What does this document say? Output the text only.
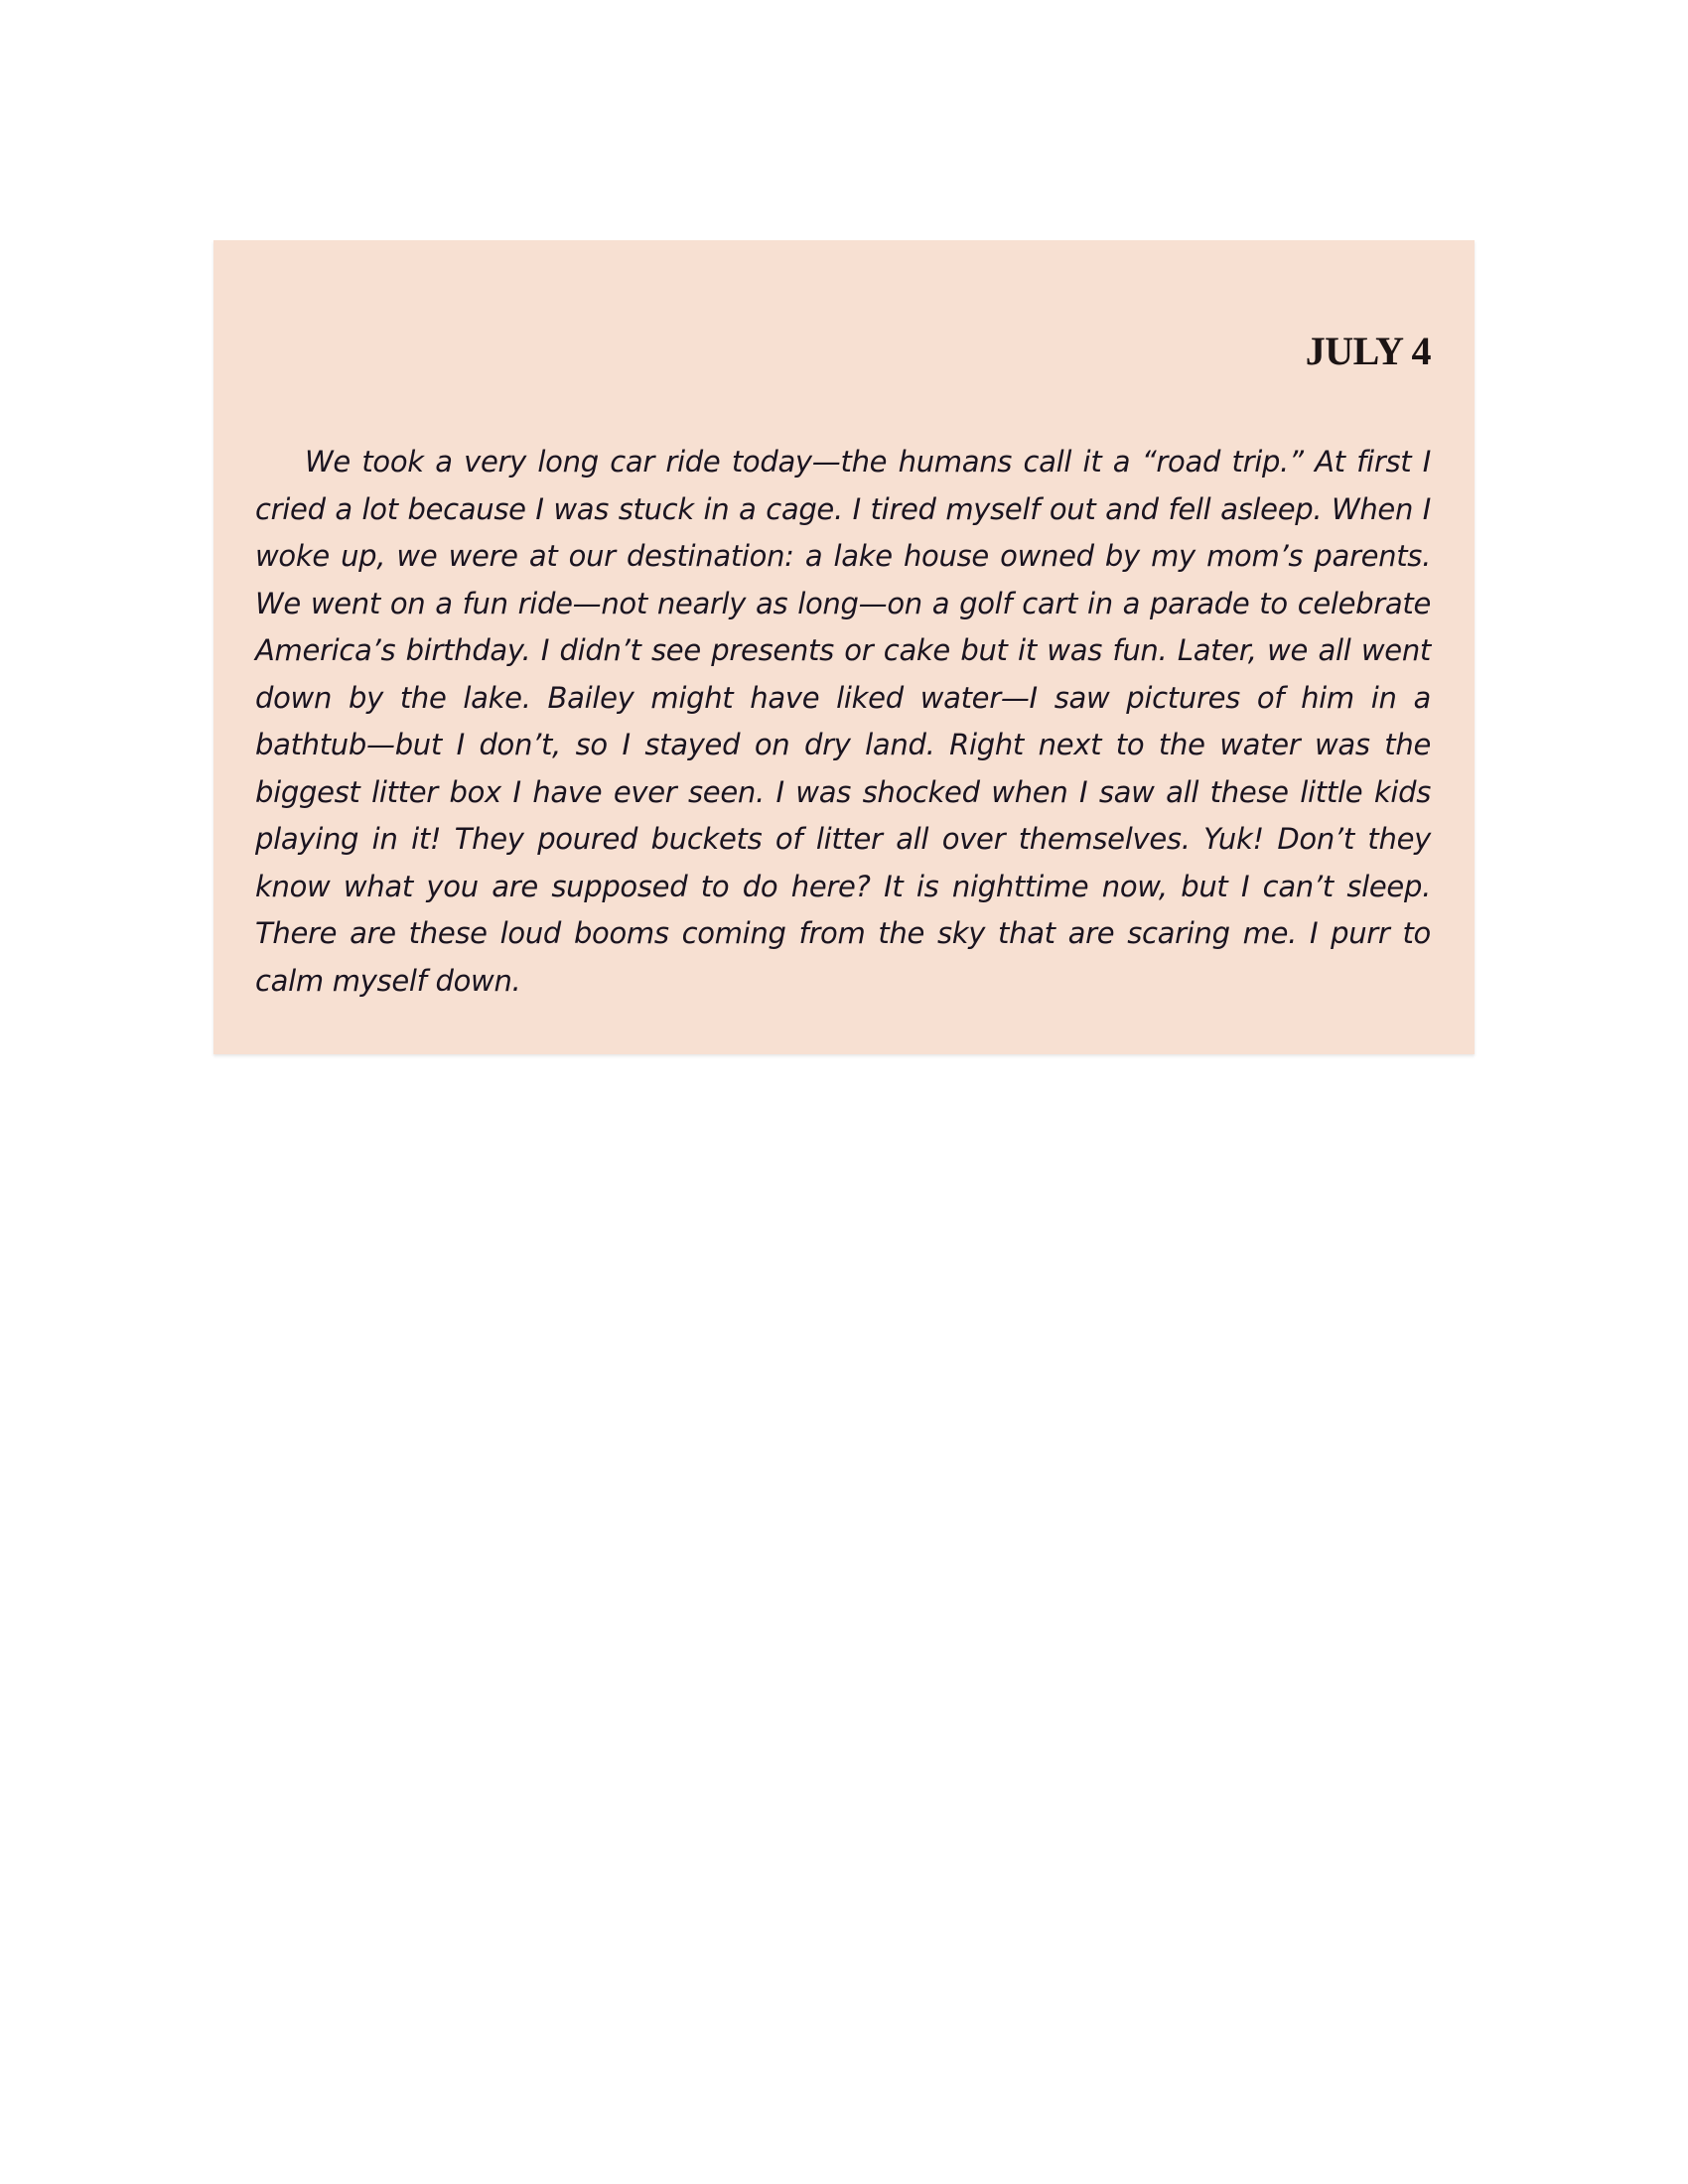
JULY 4

We took a very long car ride today—the humans call it a “road trip.” At first I cried a lot because I was stuck in a cage. I tired myself out and fell asleep. When I woke up, we were at our destination: a lake house owned by my mom’s parents. We went on a fun ride—not nearly as long—on a golf cart in a parade to celebrate America’s birthday. I didn’t see presents or cake but it was fun. Later, we all went down by the lake. Bailey might have liked water—I saw pictures of him in a bathtub—but I don’t, so I stayed on dry land. Right next to the water was the biggest litter box I have ever seen. I was shocked when I saw all these little kids playing in it! They poured buckets of litter all over themselves. Yuk! Don’t they know what you are supposed to do here? It is nighttime now, but I can’t sleep. There are these loud booms coming from the sky that are scaring me. I purr to calm myself down.
